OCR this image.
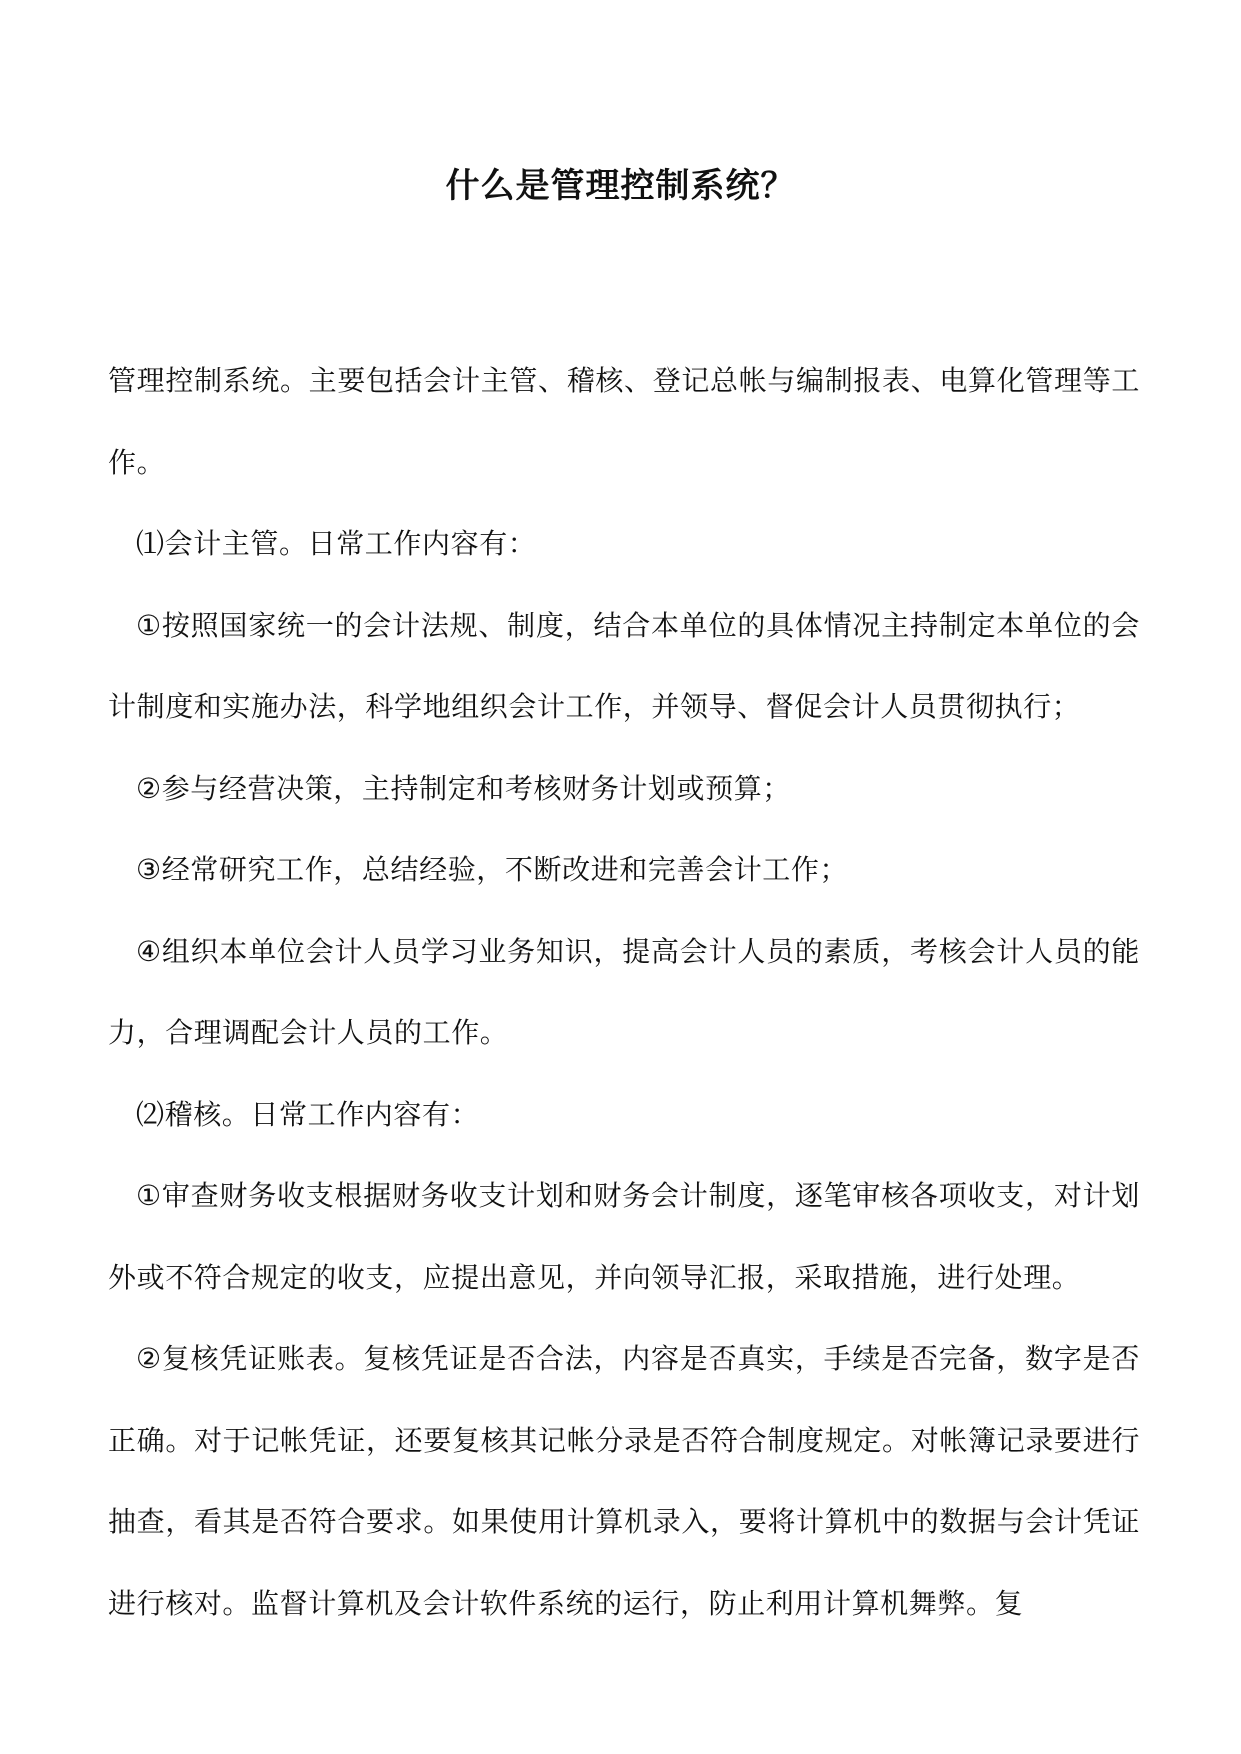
什么是管理控制系统？

管理控制系统。主要包括会计主管、稽核、登记总帐与编制报表、电算化管理等工作。

⑴会计主管。日常工作内容有：

①按照国家统一的会计法规、制度，结合本单位的具体情况主持制定本单位的会计制度和实施办法，科学地组织会计工作，并领导、督促会计人员贯彻执行；

②参与经营决策，主持制定和考核财务计划或预算；

③经常研究工作，总结经验，不断改进和完善会计工作；

④组织本单位会计人员学习业务知识，提高会计人员的素质，考核会计人员的能力，合理调配会计人员的工作。

⑵稽核。日常工作内容有：

①审查财务收支根据财务收支计划和财务会计制度，逐笔审核各项收支，对计划外或不符合规定的收支，应提出意见，并向领导汇报，采取措施，进行处理。

②复核凭证账表。复核凭证是否合法，内容是否真实，手续是否完备，数字是否正确。对于记帐凭证，还要复核其记帐分录是否符合制度规定。对帐簿记录要进行抽查，看其是否符合要求。如果使用计算机录入，要将计算机中的数据与会计凭证进行核对。监督计算机及会计软件系统的运行，防止利用计算机舞弊。复
